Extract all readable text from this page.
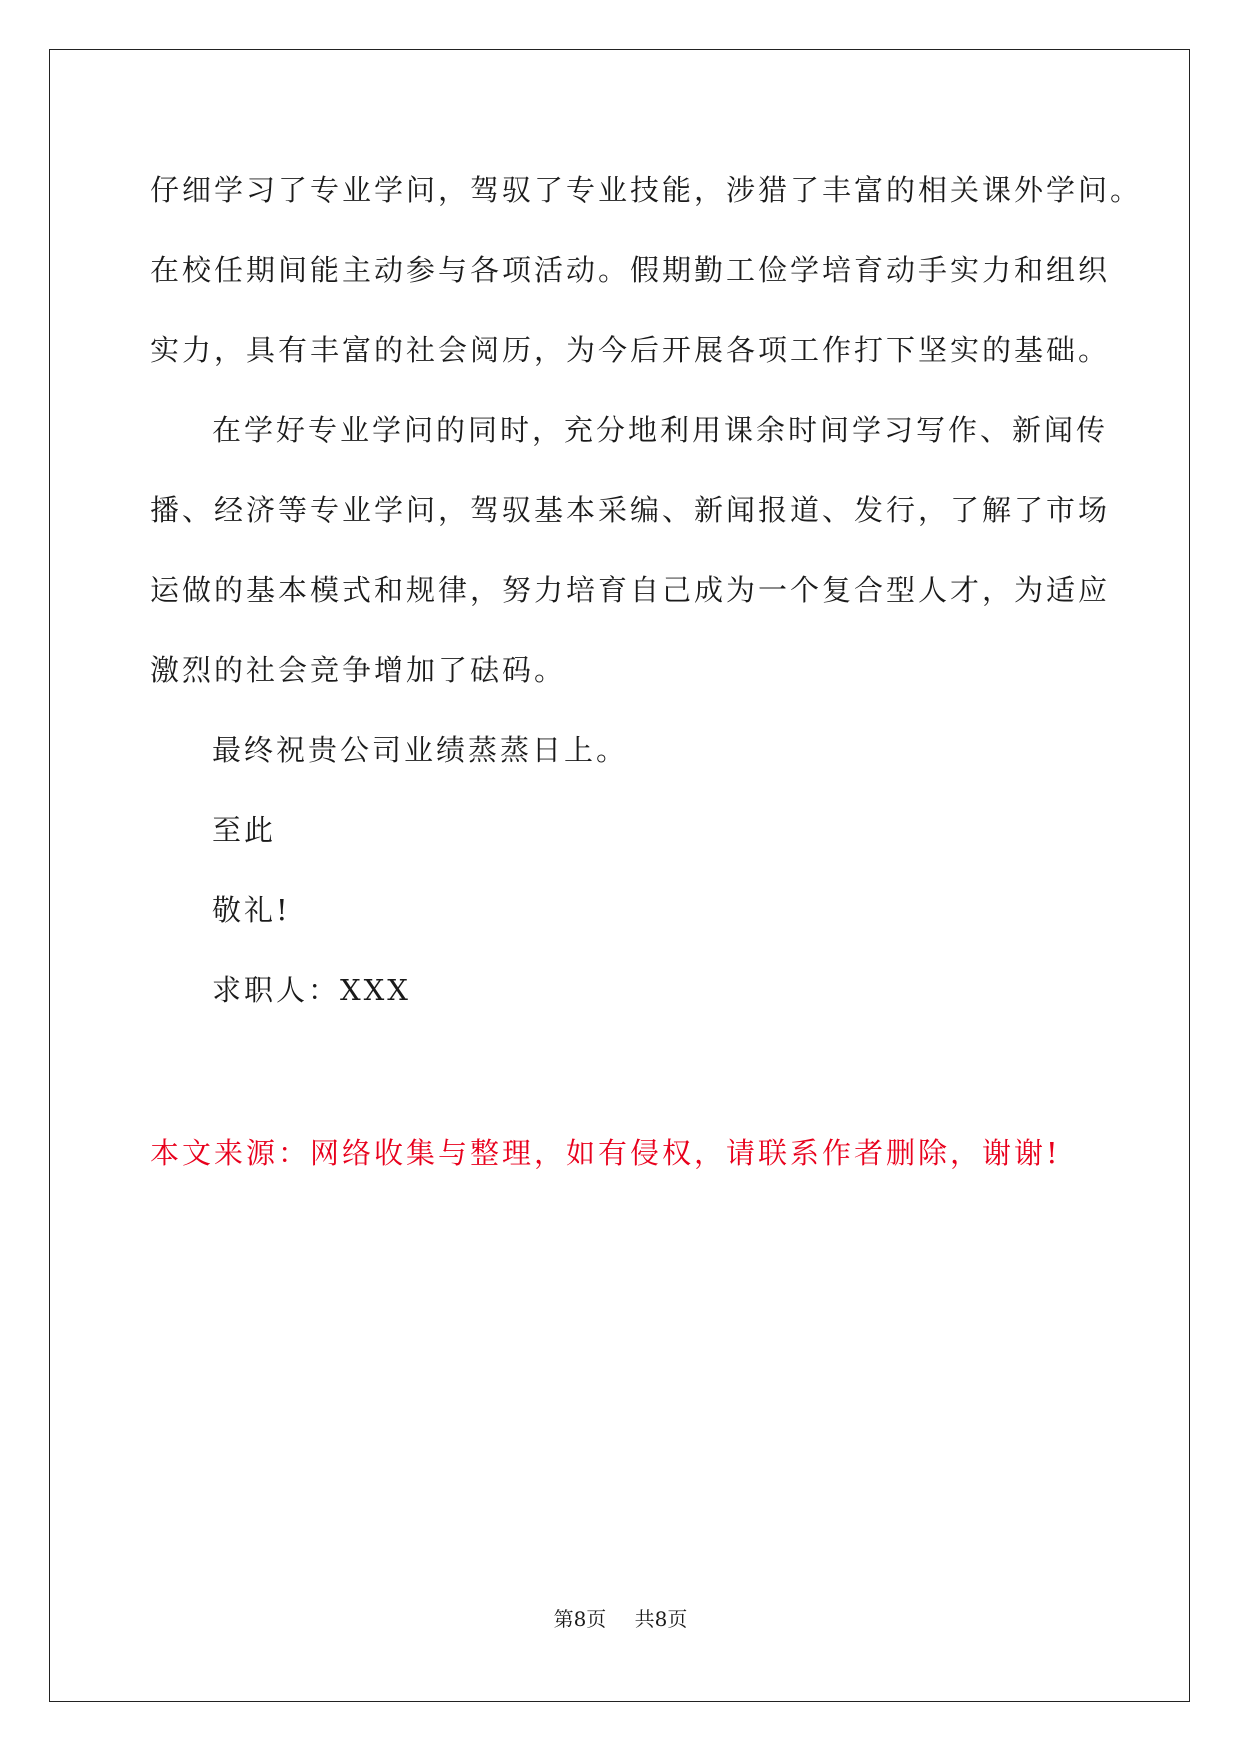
仔细学习了专业学问，驾驭了专业技能，涉猎了丰富的相关课外学问。
在校任期间能主动参与各项活动。假期勤工俭学培育动手实力和组织
实力，具有丰富的社会阅历，为今后开展各项工作打下坚实的基础。
在学好专业学问的同时，充分地利用课余时间学习写作、新闻传
播、经济等专业学问，驾驭基本采编、新闻报道、发行，了解了市场
运做的基本模式和规律，努力培育自己成为一个复合型人才，为适应
激烈的社会竞争增加了砝码。
最终祝贵公司业绩蒸蒸日上。
至此
敬礼!
求职人：XXX
本文来源：网络收集与整理，如有侵权，请联系作者删除，谢谢!
第8页 共8页
